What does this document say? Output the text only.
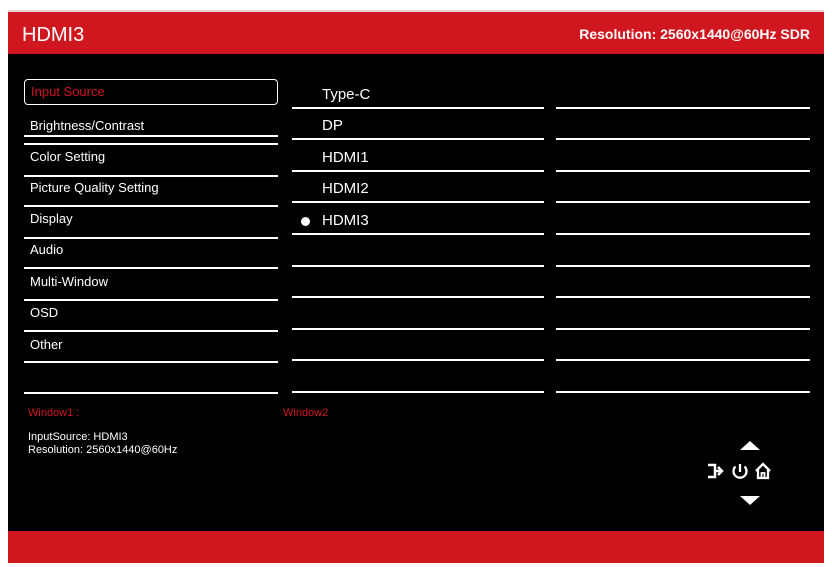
HDMI3	Resolution: 2560x1440@60Hz SDR
Input Source
Brightness/Contrast
Color Setting
Picture Quality Setting
Display
Audio
Multi-Window
OSD
Other
Type-C
DP
HDMI1
HDMI2
HDMI3
Window1 :
InputSource: HDMI3
Resolution: 2560x1440@60Hz
Window2
